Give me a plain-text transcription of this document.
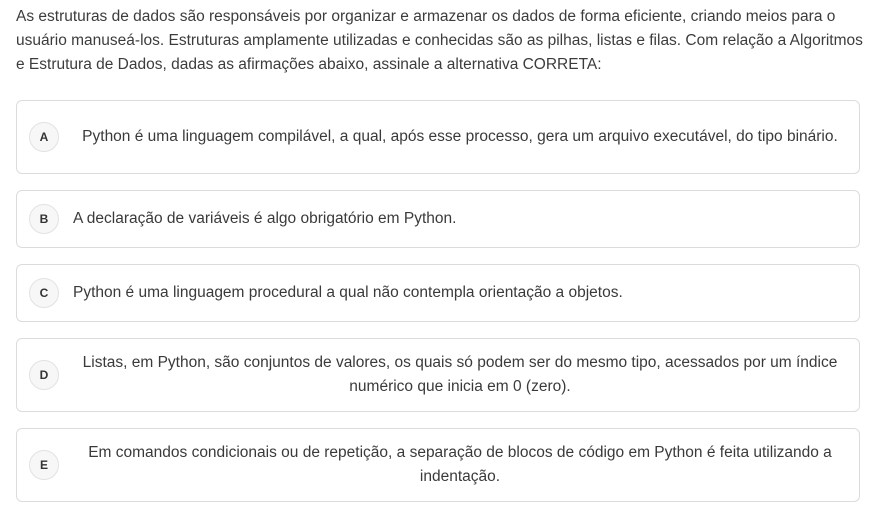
As estruturas de dados são responsáveis por organizar e armazenar os dados de forma eficiente, criando meios para o usuário manuseá-los. Estruturas amplamente utilizadas e conhecidas são as pilhas, listas e filas. Com relação a Algoritmos e Estrutura de Dados, dadas as afirmações abaixo, assinale a alternativa CORRETA:

A	Python é uma linguagem compilável, a qual, após esse processo, gera um arquivo executável, do tipo binário.
B	A declaração de variáveis é algo obrigatório em Python.
C	Python é uma linguagem procedural a qual não contempla orientação a objetos.
D
Listas, em Python, são conjuntos de valores, os quais só podem ser do mesmo tipo, acessados por um índice numérico que inicia em 0 (zero).
E
Em comandos condicionais ou de repetição, a separação de blocos de código em Python é feita utilizando a indentação.
